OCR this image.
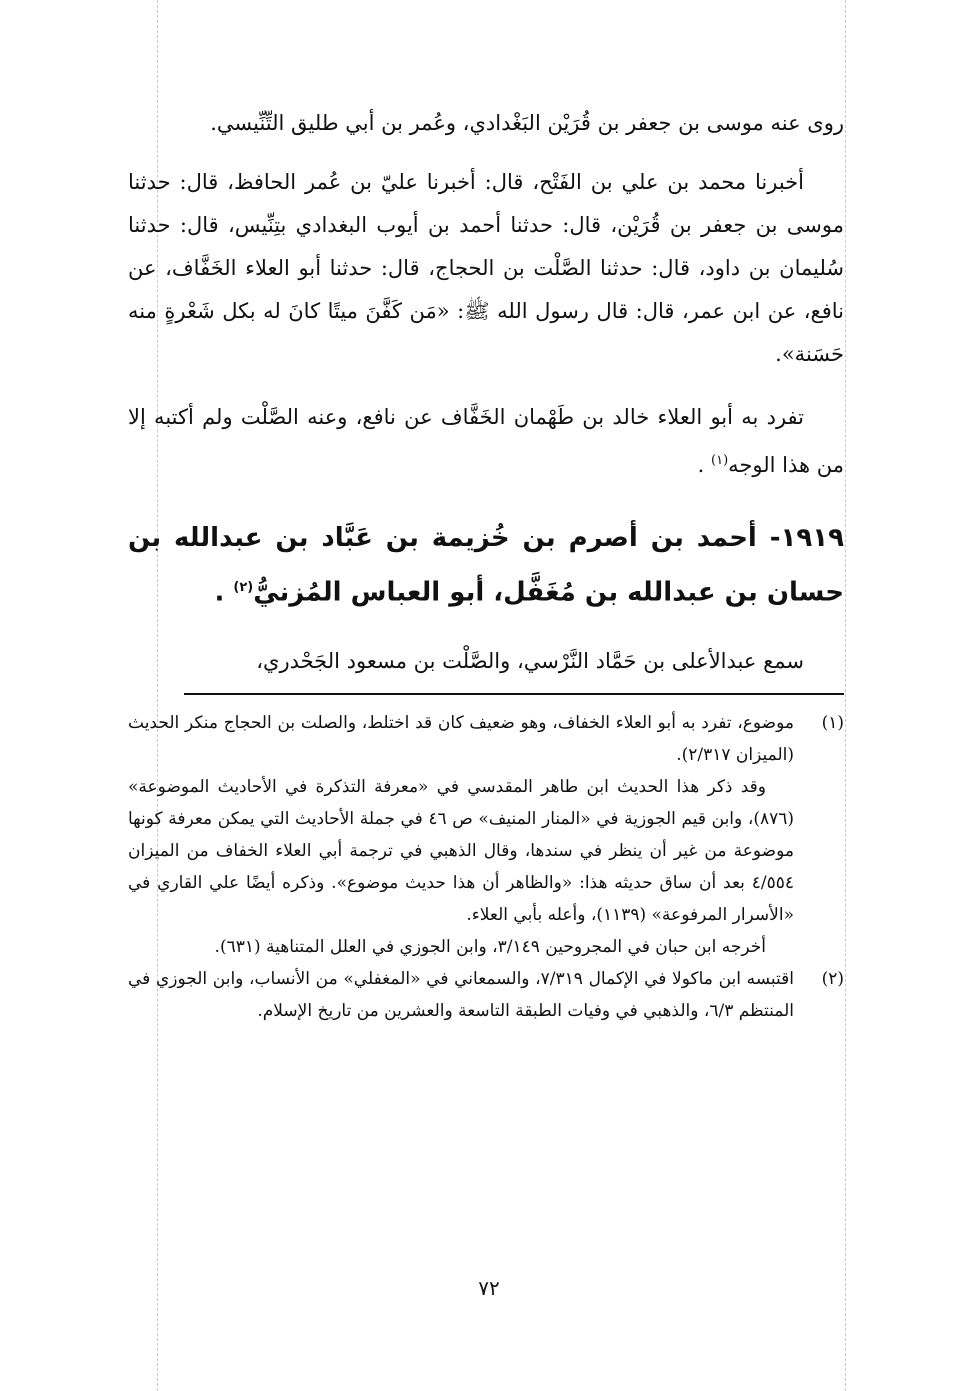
روى عنه موسى بن جعفر بن قُرَيْن البَغْدادي، وعُمر بن أبي طليق التِّنِّيسي.

أخبرنا محمد بن علي بن الفَتْح، قال: أخبرنا عليّ بن عُمر الحافظ، قال: حدثنا موسى بن جعفر بن قُرَيْن، قال: حدثنا أحمد بن أيوب البغدادي بتِنِّيس، قال: حدثنا سُليمان بن داود، قال: حدثنا الصَّلْت بن الحجاج، قال: حدثنا أبو العلاء الخَفَّاف، عن نافع، عن ابن عمر، قال: قال رسول الله ﷺ: «مَن كَفَّنَ ميتًا كانَ له بكل شَعْرةٍ منه حَسَنة».

تفرد به أبو العلاء خالد بن طَهْمان الخَفَّاف عن نافع، وعنه الصَّلْت ولم أكتبه إلا من هذا الوجه$^{(١)}$ .

١٩١٩- أحمد بن أصرم بن خُزيمة بن عَبَّاد بن عبدالله بن حسان بن عبدالله بن مُغَفَّل، أبو العباس المُزنيُّ$^{(٢)}$ .

سمع عبدالأعلى بن حَمَّاد النَّرْسي، والصَّلْت بن مسعود الجَحْدري،

(١)
موضوع، تفرد به أبو العلاء الخفاف، وهو ضعيف كان قد اختلط، والصلت بن الحجاج منكر الحديث (الميزان ٢/٣١٧).

وقد ذكر هذا الحديث ابن طاهر المقدسي في «معرفة التذكرة في الأحاديث الموضوعة» (٨٧٦)، وابن قيم الجوزية في «المنار المنيف» ص ٤٦ في جملة الأحاديث التي يمكن معرفة كونها موضوعة من غير أن ينظر في سندها، وقال الذهبي في ترجمة أبي العلاء الخفاف من الميزان ٤/٥٥٤ بعد أن ساق حديثه هذا: «والظاهر أن هذا حديث موضوع». وذكره أيضًا علي القاري في «الأسرار المرفوعة» (١١٣٩)، وأعله بأبي العلاء.

أخرجه ابن حبان في المجروحين ٣/١٤٩، وابن الجوزي في العلل المتناهية (٦٣١).

(٢)
اقتبسه ابن ماكولا في الإكمال ٧/٣١٩، والسمعاني في «المغفلي» من الأنساب، وابن الجوزي في المنتظم ٦/٣، والذهبي في وفيات الطبقة التاسعة والعشرين من تاريخ الإسلام.

٧٢
